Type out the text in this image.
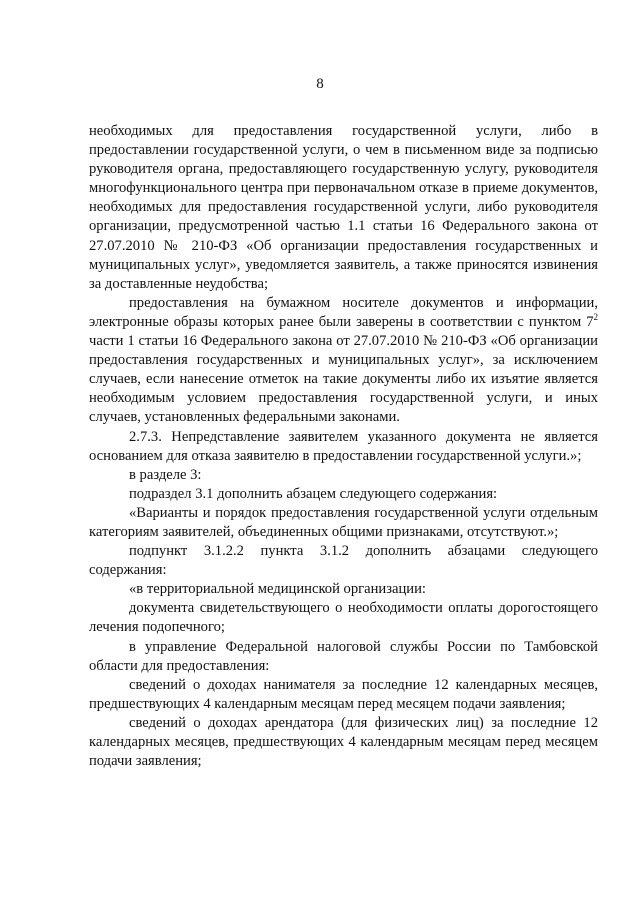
8

необходимых для предоставления государственной услуги, либо в предоставлении государственной услуги, о чем в письменном виде за подписью руководителя органа, предоставляющего государственную услугу, руководителя многофункционального центра при первоначальном отказе в приеме документов, необходимых для предоставления государственной услуги, либо руководителя организации, предусмотренной частью 1.1 статьи 16 Федерального закона от 27.07.2010 № 210-ФЗ «Об организации предоставления государственных и муниципальных услуг», уведомляется заявитель, а также приносятся извинения за доставленные неудобства;

предоставления на бумажном носителе документов и информации, электронные образы которых ранее были заверены в соответствии с пунктом $7^2$ части 1 статьи 16 Федерального закона от 27.07.2010 № 210-ФЗ «Об организации предоставления государственных и муниципальных услуг», за исключением случаев, если нанесение отметок на такие документы либо их изъятие является необходимым условием предоставления государственной услуги, и иных случаев, установленных федеральными законами.

2.7.3. Непредставление заявителем указанного документа не является основанием для отказа заявителю в предоставлении государственной услуги.»;

в разделе 3:

подраздел 3.1 дополнить абзацем следующего содержания:

«Варианты и порядок предоставления государственной услуги отдельным категориям заявителей, объединенных общими признаками, отсутствуют.»;

подпункт 3.1.2.2 пункта 3.1.2 дополнить абзацами следующего содержания:

«в территориальной медицинской организации:

документа свидетельствующего о необходимости оплаты дорогостоящего лечения подопечного;

в управление Федеральной налоговой службы России по Тамбовской области для предоставления:

сведений о доходах нанимателя за последние 12 календарных месяцев, предшествующих 4 календарным месяцам перед месяцем подачи заявления;

сведений о доходах арендатора (для физических лиц) за последние 12 календарных месяцев, предшествующих 4 календарным месяцам перед месяцем подачи заявления;
